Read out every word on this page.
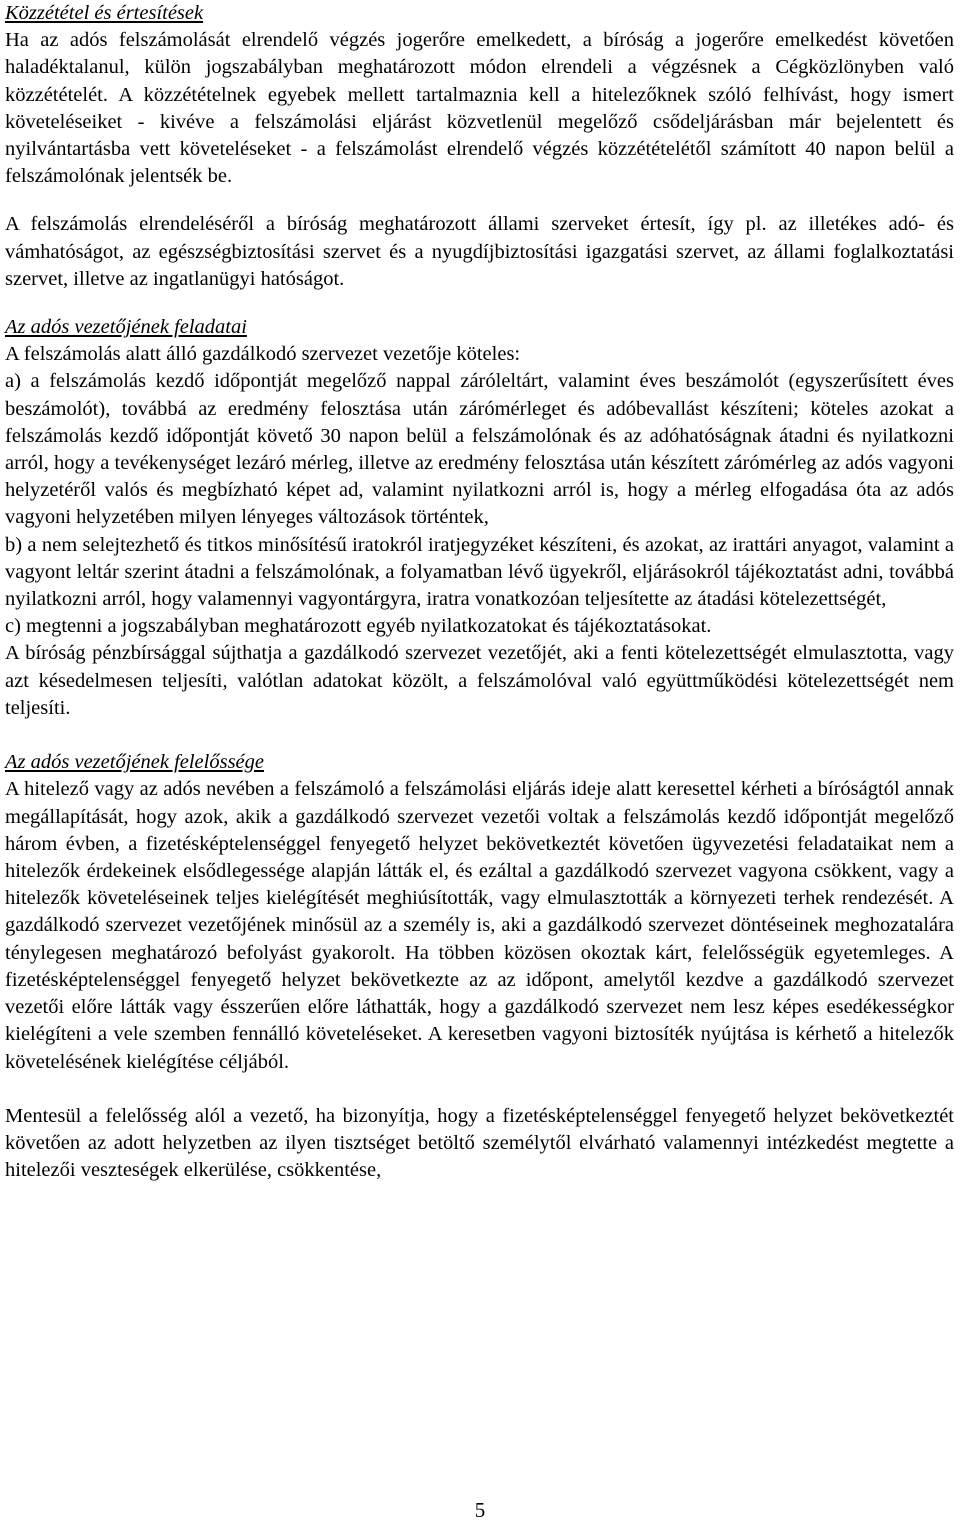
Közzététel és értesítések

Ha az adós felszámolását elrendelő végzés jogerőre emelkedett, a bíróság a jogerőre emelkedést követően haladéktalanul, külön jogszabályban meghatározott módon elrendeli a végzésnek a Cégközlönyben való közzétételét. A közzétételnek egyebek mellett tartalmaznia kell a hitelezőknek szóló felhívást, hogy ismert követeléseiket - kivéve a felszámolási eljárást közvetlenül megelőző csődeljárásban már bejelentett és nyilvántartásba vett követeléseket - a felszámolást elrendelő végzés közzétételétől számított 40 napon belül a felszámolónak jelentsék be.

A felszámolás elrendeléséről a bíróság meghatározott állami szerveket értesít, így pl. az illetékes adó- és vámhatóságot, az egészségbiztosítási szervet és a nyugdíjbiztosítási igazgatási szervet, az állami foglalkoztatási szervet, illetve az ingatlanügyi hatóságot.

Az adós vezetőjének feladatai

A felszámolás alatt álló gazdálkodó szervezet vezetője köteles:

a) a felszámolás kezdő időpontját megelőző nappal záróleltárt, valamint éves beszámolót (egyszerűsített éves beszámolót), továbbá az eredmény felosztása után zárómérleget és adóbevallást készíteni; köteles azokat a felszámolás kezdő időpontját követő 30 napon belül a felszámolónak és az adóhatóságnak átadni és nyilatkozni arról, hogy a tevékenységet lezáró mérleg, illetve az eredmény felosztása után készített zárómérleg az adós vagyoni helyzetéről valós és megbízható képet ad, valamint nyilatkozni arról is, hogy a mérleg elfogadása óta az adós vagyoni helyzetében milyen lényeges változások történtek,

b) a nem selejtezhető és titkos minősítésű iratokról iratjegyzéket készíteni, és azokat, az irattári anyagot, valamint a vagyont leltár szerint átadni a felszámolónak, a folyamatban lévő ügyekről, eljárásokról tájékoztatást adni, továbbá nyilatkozni arról, hogy valamennyi vagyontárgyra, iratra vonatkozóan teljesítette az átadási kötelezettségét,

c) megtenni a jogszabályban meghatározott egyéb nyilatkozatokat és tájékoztatásokat.

A bíróság pénzbírsággal sújthatja a gazdálkodó szervezet vezetőjét, aki a fenti kötelezettségét elmulasztotta, vagy azt késedelmesen teljesíti, valótlan adatokat közölt, a felszámolóval való együttműködési kötelezettségét nem teljesíti.

Az adós vezetőjének felelőssége

A hitelező vagy az adós nevében a felszámoló a felszámolási eljárás ideje alatt keresettel kérheti a bíróságtól annak megállapítását, hogy azok, akik a gazdálkodó szervezet vezetői voltak a felszámolás kezdő időpontját megelőző három évben, a fizetésképtelenséggel fenyegető helyzet bekövetkeztét követően ügyvezetési feladataikat nem a hitelezők érdekeinek elsődlegessége alapján látták el, és ezáltal a gazdálkodó szervezet vagyona csökkent, vagy a hitelezők követeléseinek teljes kielégítését meghiúsították, vagy elmulasztották a környezeti terhek rendezését. A gazdálkodó szervezet vezetőjének minősül az a személy is, aki a gazdálkodó szervezet döntéseinek meghozatalára ténylegesen meghatározó befolyást gyakorolt. Ha többen közösen okoztak kárt, felelősségük egyetemleges. A fizetésképtelenséggel fenyegető helyzet bekövetkezte az az időpont, amelytől kezdve a gazdálkodó szervezet vezetői előre látták vagy ésszerűen előre láthatták, hogy a gazdálkodó szervezet nem lesz képes esedékességkor kielégíteni a vele szemben fennálló követeléseket. A keresetben vagyoni biztosíték nyújtása is kérhető a hitelezők követelésének kielégítése céljából.

Mentesül a felelősség alól a vezető, ha bizonyítja, hogy a fizetésképtelenséggel fenyegető helyzet bekövetkeztét követően az adott helyzetben az ilyen tisztséget betöltő személytől elvárható valamennyi intézkedést megtette a hitelezői veszteségek elkerülése, csökkentése,

5
